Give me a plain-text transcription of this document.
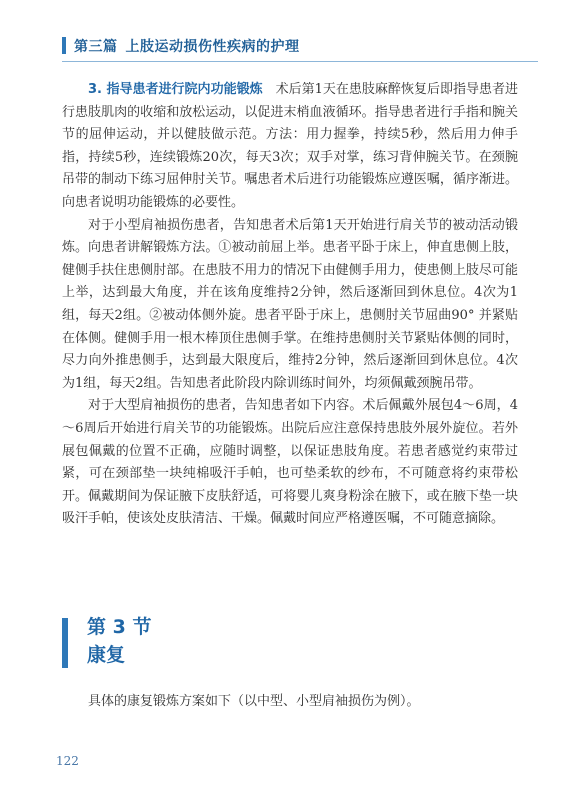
第三篇 上肢运动损伤性疾病的护理

3. 指导患者进行院内功能锻炼　 术后第1天在患肢麻醉恢复后即指导患者进行患肢肌肉的收缩和放松运动，以促进末梢血液循环。指导患者进行手指和腕关节的屈伸运动，并以健肢做示范。方法：用力握拳，持续5秒，然后用力伸手指，持续5秒，连续锻炼20次，每天3次；双手对掌，练习背伸腕关节。在颈腕吊带的制动下练习屈伸肘关节。嘱患者术后进行功能锻炼应遵医嘱，循序渐进。向患者说明功能锻炼的必要性。

对于小型肩袖损伤患者，告知患者术后第1天开始进行肩关节的被动活动锻炼。向患者讲解锻炼方法。①被动前屈上举。患者平卧于床上，伸直患侧上肢，健侧手扶住患侧肘部。在患肢不用力的情况下由健侧手用力，使患侧上肢尽可能上举，达到最大角度，并在该角度维持2分钟，然后逐渐回到休息位。4次为1组，每天2组。②被动体侧外旋。患者平卧于床上，患侧肘关节屈曲90° 并紧贴在体侧。健侧手用一根木棒顶住患侧手掌。在维持患侧肘关节紧贴体侧的同时，尽力向外推患侧手，达到最大限度后，维持2分钟，然后逐渐回到休息位。4次为1组，每天2组。告知患者此阶段内除训练时间外，均须佩戴颈腕吊带。

对于大型肩袖损伤的患者，告知患者如下内容。术后佩戴外展包4～6周，4～6周后开始进行肩关节的功能锻炼。出院后应注意保持患肢外展外旋位。若外展包佩戴的位置不正确，应随时调整，以保证患肢角度。若患者感觉约束带过紧，可在颈部垫一块纯棉吸汗手帕，也可垫柔软的纱布，不可随意将约束带松开。佩戴期间为保证腋下皮肤舒适，可将婴儿爽身粉涂在腋下，或在腋下垫一块吸汗手帕，使该处皮肤清洁、干燥。佩戴时间应严格遵医嘱，不可随意摘除。

第 3 节
康复
具体的康复锻炼方案如下（以中型、小型肩袖损伤为例）。
122
